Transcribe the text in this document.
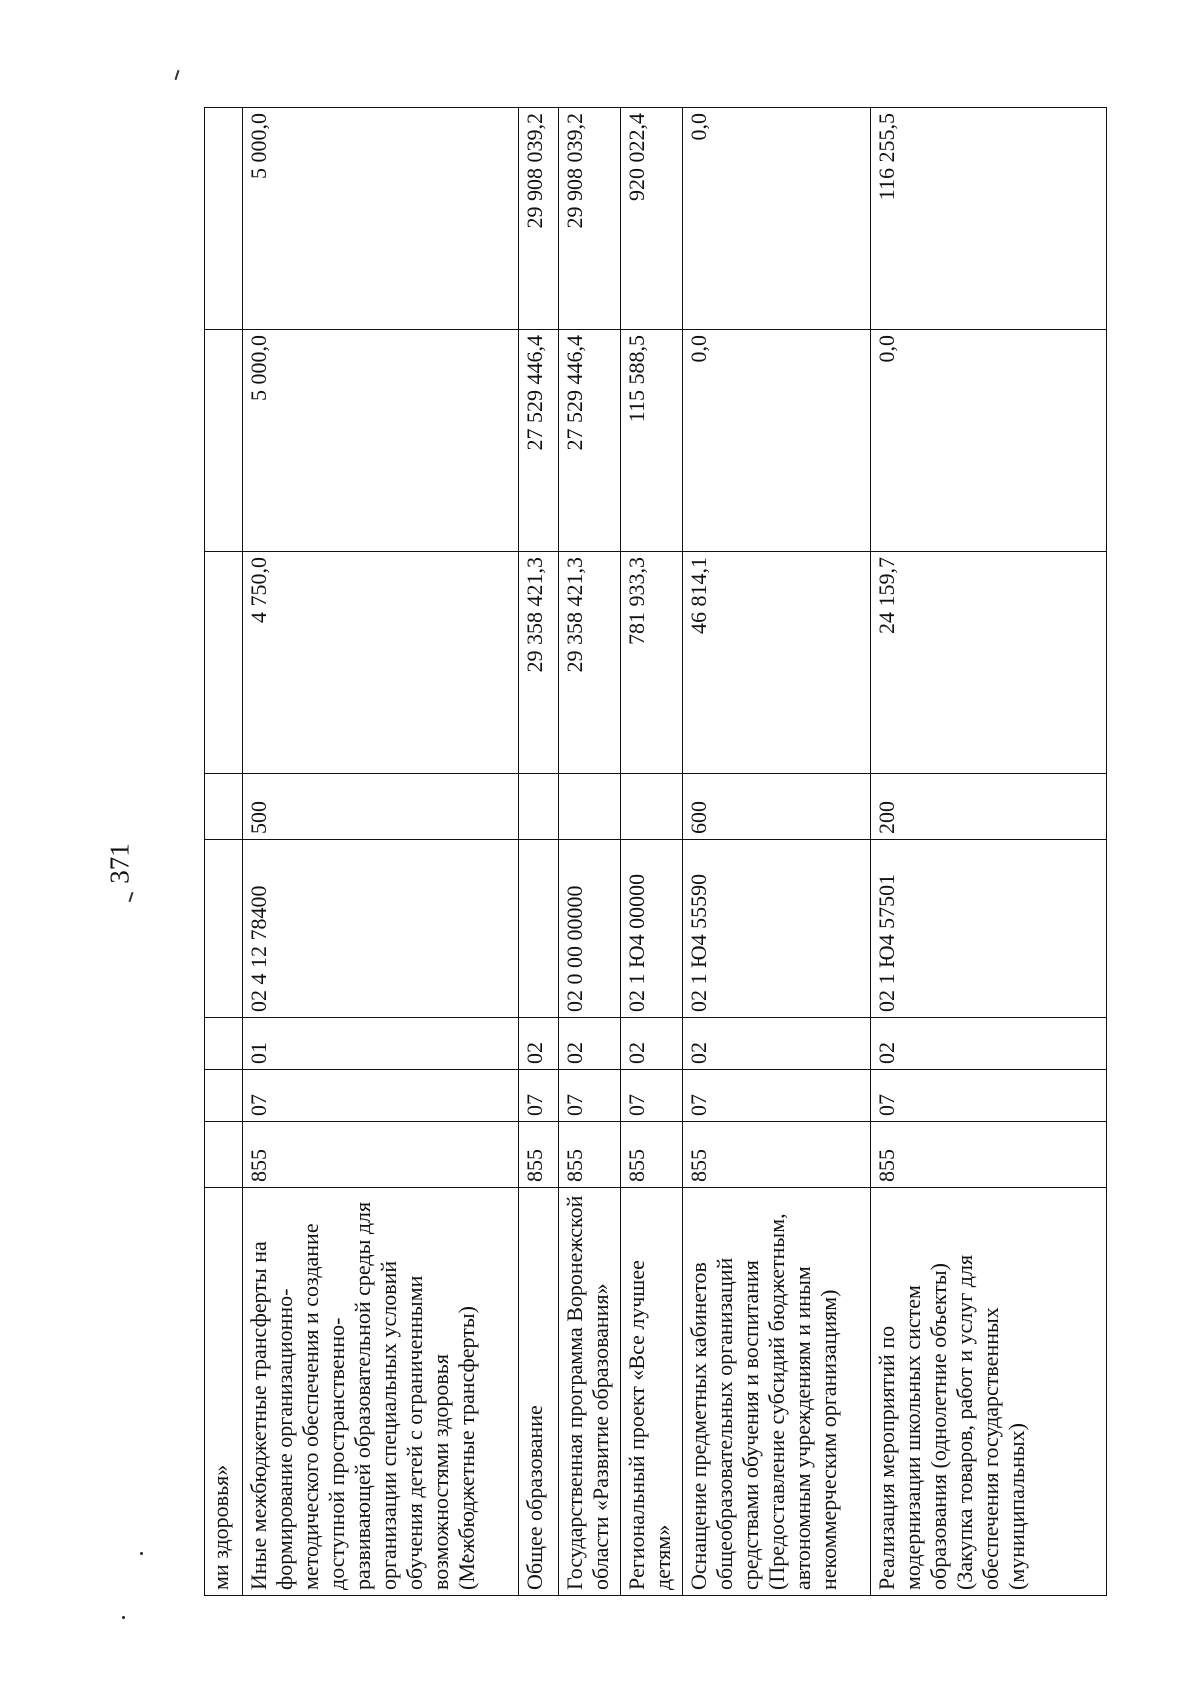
371
ми здоровья»								
Иные межбюджетные трансферты на формирование организационно-методического обеспечения и создание доступной пространственно-развивающей образовательной среды для организации специальных условий обучения детей с ограниченными возможностями здоровья (Межбюджетные трансферты)	855	07	01	02 4 12 78400	500	4 750,0	5 000,0	5 000,0
Общее образование	855	07	02			29 358 421,3	27 529 446,4	29 908 039,2
Государственная программа Воронежской области «Развитие образования»	855	07	02	02 0 00 00000		29 358 421,3	27 529 446,4	29 908 039,2
Региональный проект «Все лучшее детям»	855	07	02	02 1 Ю4 00000		781 933,3	115 588,5	920 022,4
Оснащение предметных кабинетов общеобразовательных организаций средствами обучения и воспитания (Предоставление субсидий бюджетным, автономным учреждениям и иным некоммерческим организациям)	855	07	02	02 1 Ю4 55590	600	46 814,1	0,0	0,0
Реализация мероприятий по модернизации школьных систем образования (однолетние объекты) (Закупка товаров, работ и услуг для обеспечения государственных (муниципальных)	855	07	02	02 1 Ю4 57501	200	24 159,7	0,0	116 255,5
